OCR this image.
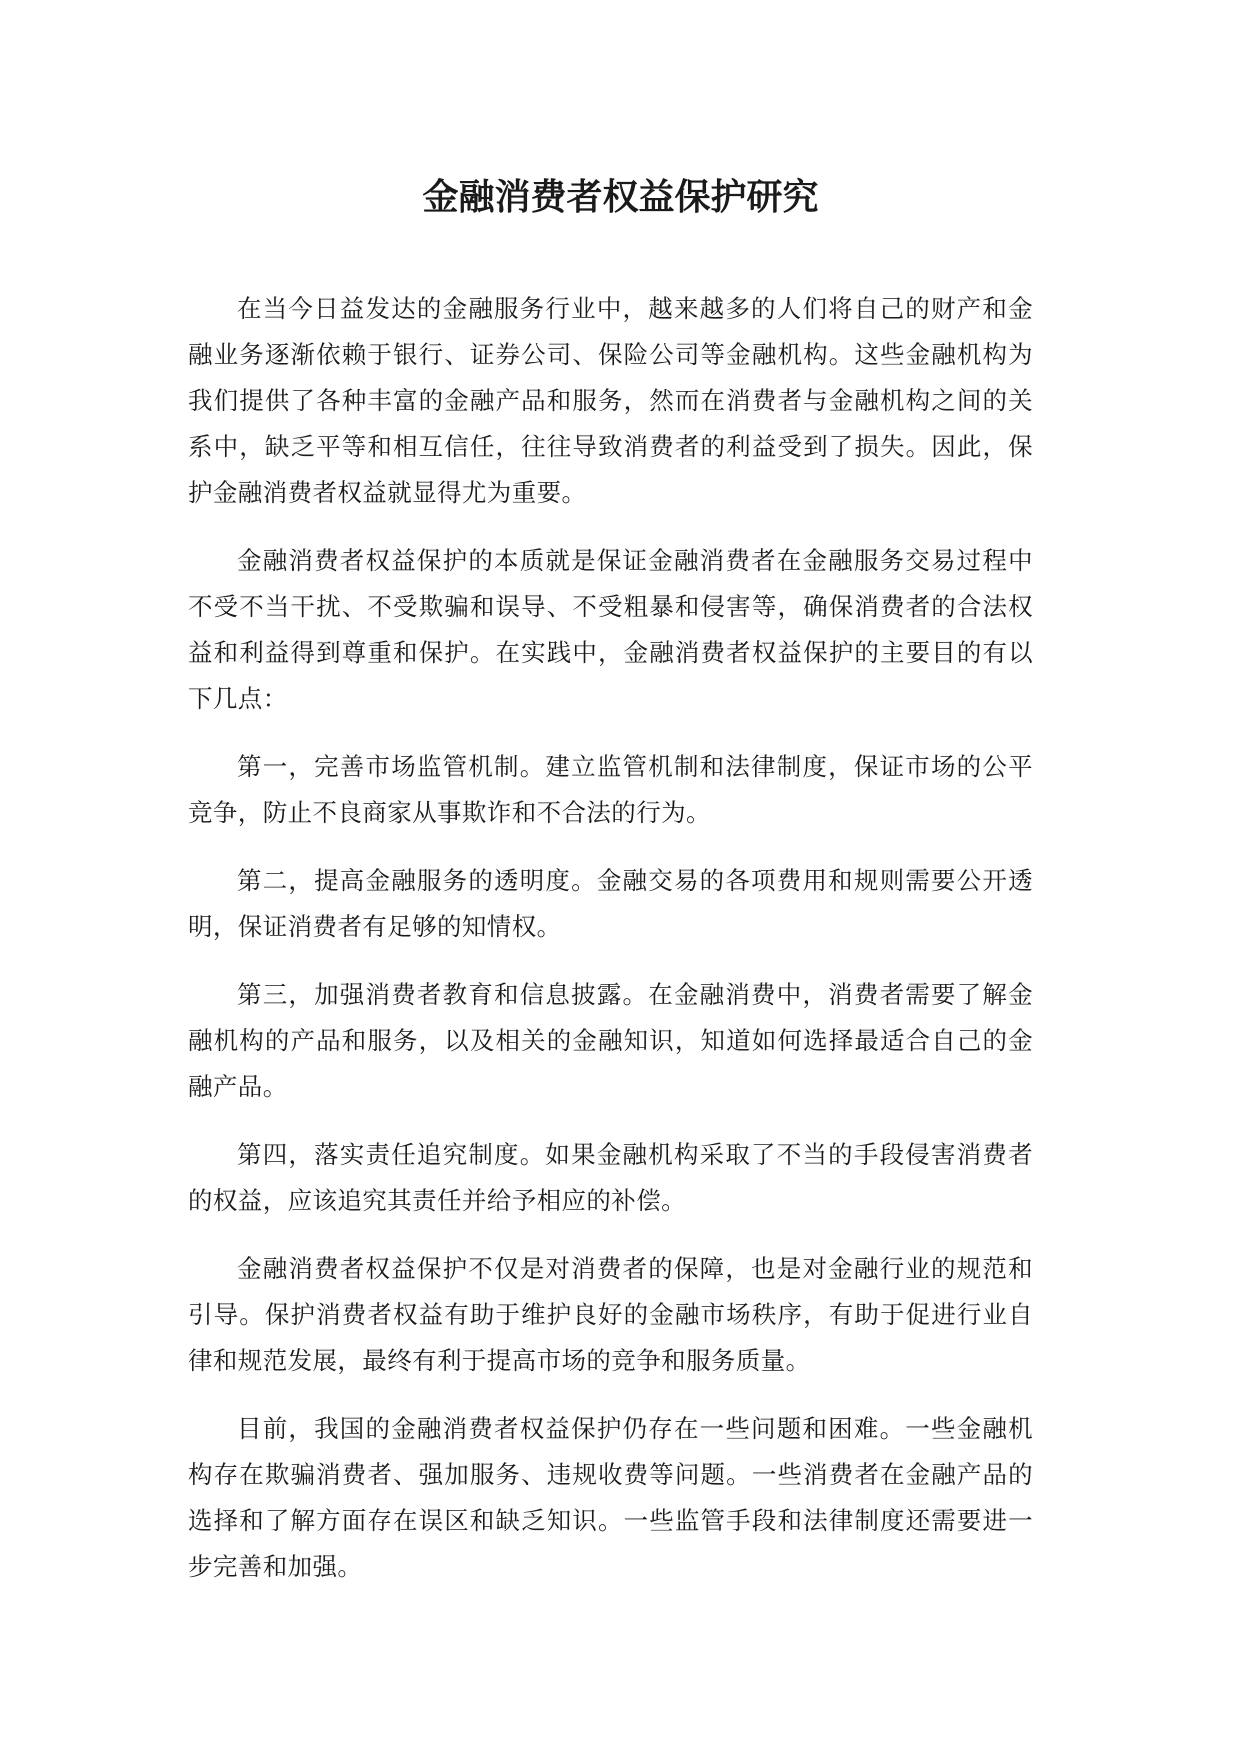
金融消费者权益保护研究

在当今日益发达的金融服务行业中，越来越多的人们将自己的财产和金融业务逐渐依赖于银行、证券公司、保险公司等金融机构。这些金融机构为我们提供了各种丰富的金融产品和服务，然而在消费者与金融机构之间的关系中，缺乏平等和相互信任，往往导致消费者的利益受到了损失。因此，保护金融消费者权益就显得尤为重要。

金融消费者权益保护的本质就是保证金融消费者在金融服务交易过程中不受不当干扰、不受欺骗和误导、不受粗暴和侵害等，确保消费者的合法权益和利益得到尊重和保护。在实践中，金融消费者权益保护的主要目的有以下几点：

第一，完善市场监管机制。建立监管机制和法律制度，保证市场的公平竞争，防止不良商家从事欺诈和不合法的行为。

第二，提高金融服务的透明度。金融交易的各项费用和规则需要公开透明，保证消费者有足够的知情权。

第三，加强消费者教育和信息披露。在金融消费中，消费者需要了解金融机构的产品和服务，以及相关的金融知识，知道如何选择最适合自己的金融产品。

第四，落实责任追究制度。如果金融机构采取了不当的手段侵害消费者的权益，应该追究其责任并给予相应的补偿。

金融消费者权益保护不仅是对消费者的保障，也是对金融行业的规范和引导。保护消费者权益有助于维护良好的金融市场秩序，有助于促进行业自律和规范发展，最终有利于提高市场的竞争和服务质量。

目前，我国的金融消费者权益保护仍存在一些问题和困难。一些金融机构存在欺骗消费者、强加服务、违规收费等问题。一些消费者在金融产品的选择和了解方面存在误区和缺乏知识。一些监管手段和法律制度还需要进一步完善和加强。
